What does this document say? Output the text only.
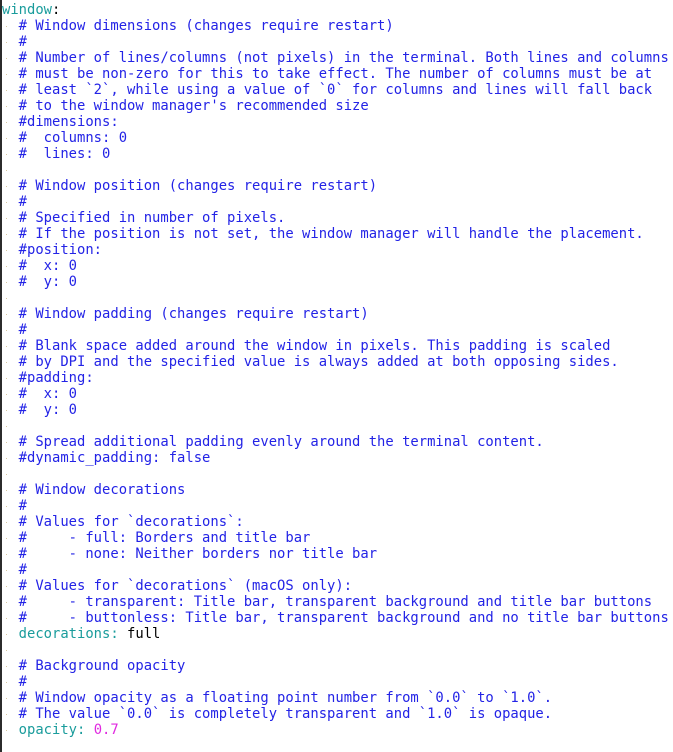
window:
# Window dimensions (changes require restart)
#
# Number of lines/columns (not pixels) in the terminal. Both lines and columns
# must be non-zero for this to take effect. The number of columns must be at
# least `2`, while using a value of `0` for columns and lines will fall back
# to the window manager's recommended size
#dimensions:
#  columns: 0
#  lines: 0
# Window position (changes require restart)
#
# Specified in number of pixels.
# If the position is not set, the window manager will handle the placement.
#position:
#  x: 0
#  y: 0
# Window padding (changes require restart)
#
# Blank space added around the window in pixels. This padding is scaled
# by DPI and the specified value is always added at both opposing sides.
#padding:
#  x: 0
#  y: 0
# Spread additional padding evenly around the terminal content.
#dynamic_padding: false
# Window decorations
#
# Values for `decorations`:
#     - full: Borders and title bar
#     - none: Neither borders nor title bar
#
# Values for `decorations` (macOS only):
#     - transparent: Title bar, transparent background and title bar buttons
#     - buttonless: Title bar, transparent background and no title bar buttons
decorations: full
# Background opacity
#
# Window opacity as a floating point number from `0.0` to `1.0`.
# The value `0.0` is completely transparent and `1.0` is opaque.
opacity: 0.7
